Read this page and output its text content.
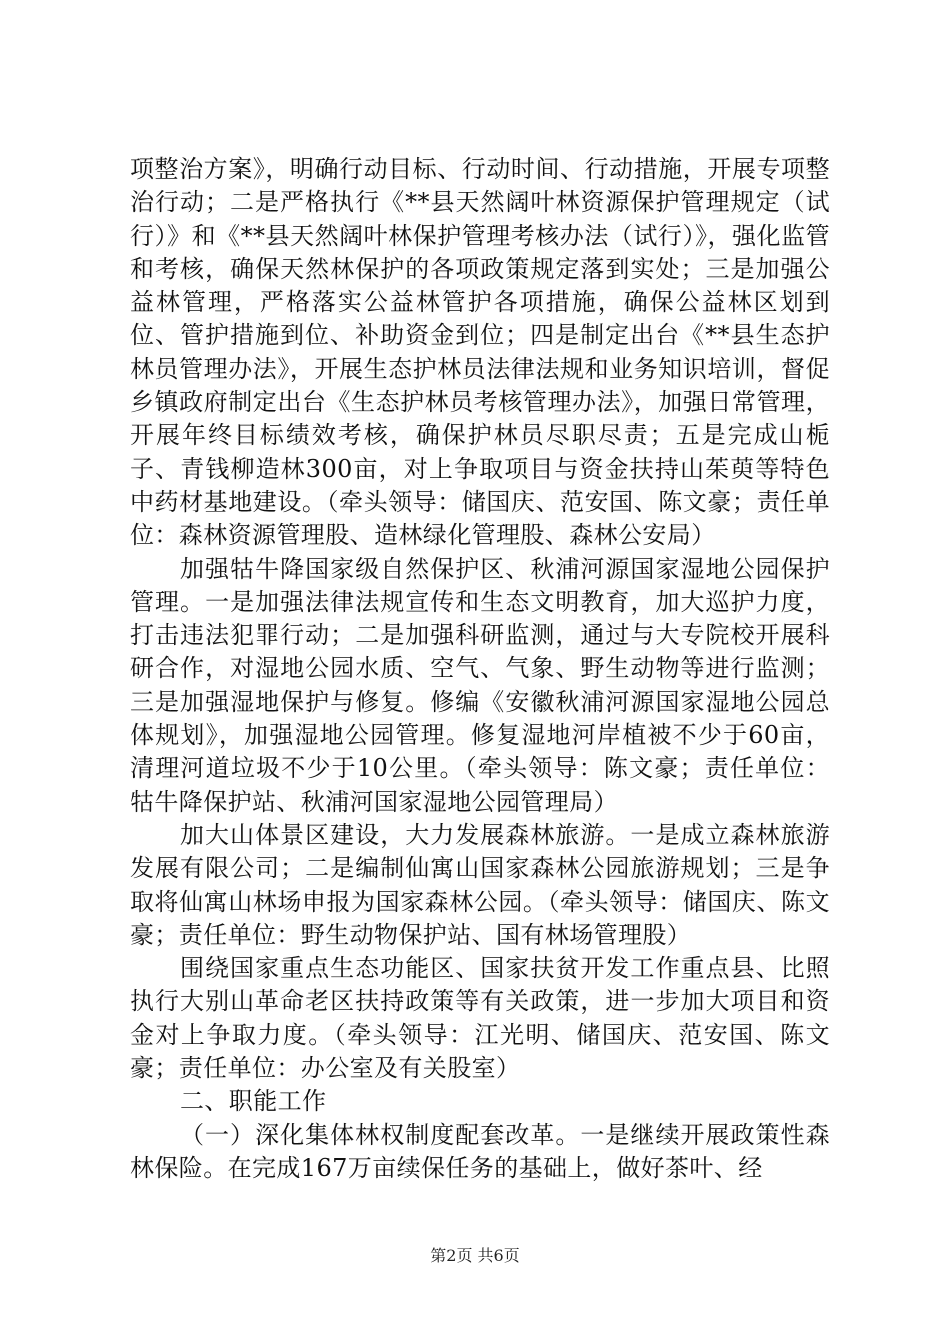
项整治方案》，明确行动目标、行动时间、行动措施，开展专项整治行动；二是严格执行《**县天然阔叶林资源保护管理规定（试行）》和《**县天然阔叶林保护管理考核办法（试行）》，强化监管和考核，确保天然林保护的各项政策规定落到实处；三是加强公益林管理，严格落实公益林管护各项措施，确保公益林区划到位、管护措施到位、补助资金到位；四是制定出台《**县生态护林员管理办法》，开展生态护林员法律法规和业务知识培训，督促乡镇政府制定出台《生态护林员考核管理办法》，加强日常管理，开展年终目标绩效考核，确保护林员尽职尽责；五是完成山栀子、青钱柳造林300亩，对上争取项目与资金扶持山茱萸等特色中药材基地建设。（牵头领导：储国庆、范安国、陈文豪；责任单位：森林资源管理股、造林绿化管理股、森林公安局）

加强牯牛降国家级自然保护区、秋浦河源国家湿地公园保护管理。一是加强法律法规宣传和生态文明教育，加大巡护力度，打击违法犯罪行动；二是加强科研监测，通过与大专院校开展科研合作，对湿地公园水质、空气、气象、野生动物等进行监测；三是加强湿地保护与修复。修编《安徽秋浦河源国家湿地公园总体规划》，加强湿地公园管理。修复湿地河岸植被不少于60亩，清理河道垃圾不少于10公里。（牵头领导：陈文豪；责任单位：牯牛降保护站、秋浦河国家湿地公园管理局）

加大山体景区建设，大力发展森林旅游。一是成立森林旅游发展有限公司；二是编制仙寓山国家森林公园旅游规划；三是争取将仙寓山林场申报为国家森林公园。（牵头领导：储国庆、陈文豪；责任单位：野生动物保护站、国有林场管理股）

围绕国家重点生态功能区、国家扶贫开发工作重点县、比照执行大别山革命老区扶持政策等有关政策，进一步加大项目和资金对上争取力度。（牵头领导：江光明、储国庆、范安国、陈文豪；责任单位：办公室及有关股室）

二、职能工作

（一）深化集体林权制度配套改革。一是继续开展政策性森林保险。在完成167万亩续保任务的基础上，做好茶叶、经

第2页 共6页
